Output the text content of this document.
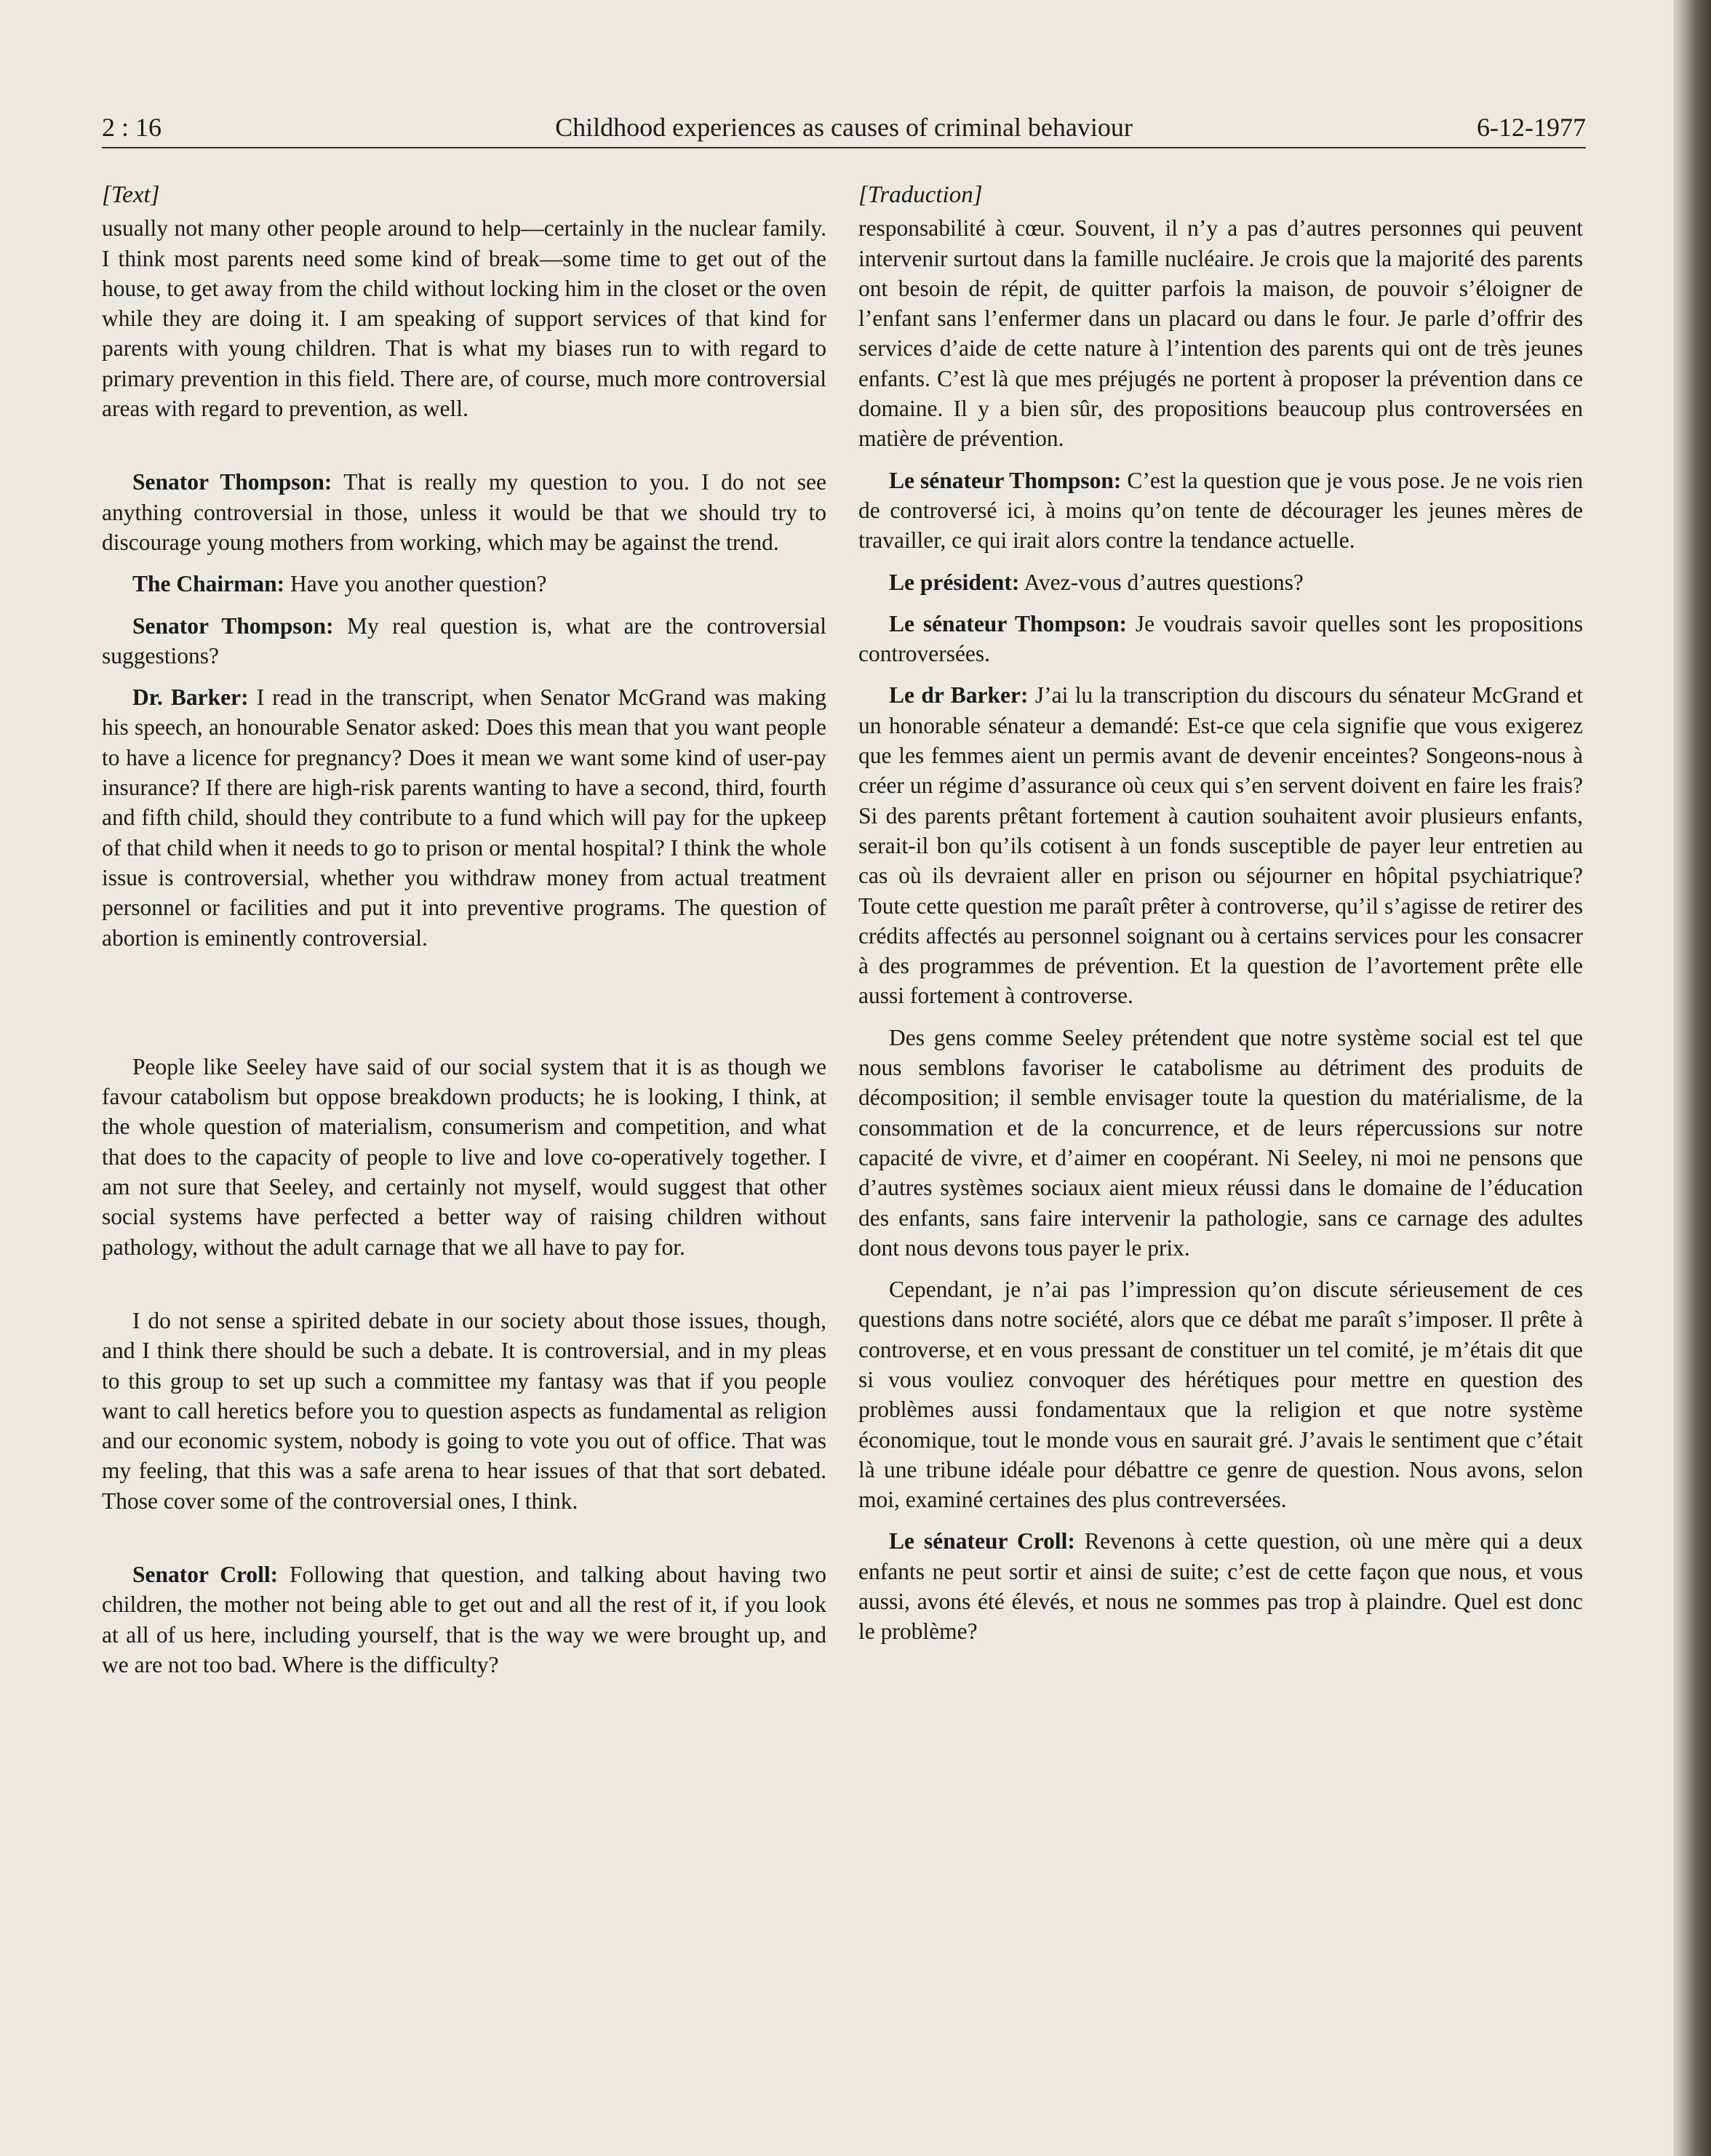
2 : 16	Childhood experiences as causes of criminal behaviour	6-12-1977
[Text]

usually not many other people around to help—certainly in the nuclear family. I think most parents need some kind of break—some time to get out of the house, to get away from the child without locking him in the closet or the oven while they are doing it. I am speaking of support services of that kind for parents with young children. That is what my biases run to with regard to primary prevention in this field. There are, of course, much more controversial areas with regard to prevention, as well.

Senator Thompson: That is really my question to you. I do not see anything controversial in those, unless it would be that we should try to discourage young mothers from working, which may be against the trend.

The Chairman: Have you another question?

Senator Thompson: My real question is, what are the controversial suggestions?

Dr. Barker: I read in the transcript, when Senator McGrand was making his speech, an honourable Senator asked: Does this mean that you want people to have a licence for pregnancy? Does it mean we want some kind of user-pay insurance? If there are high-risk parents wanting to have a second, third, fourth and fifth child, should they contribute to a fund which will pay for the upkeep of that child when it needs to go to prison or mental hospital? I think the whole issue is controversial, whether you withdraw money from actual treatment personnel or facilities and put it into preventive programs. The question of abortion is eminently controversial.

People like Seeley have said of our social system that it is as though we favour catabolism but oppose breakdown products; he is looking, I think, at the whole question of materialism, consumerism and competition, and what that does to the capacity of people to live and love co-operatively together. I am not sure that Seeley, and certainly not myself, would suggest that other social systems have perfected a better way of raising children without pathology, without the adult carnage that we all have to pay for.

I do not sense a spirited debate in our society about those issues, though, and I think there should be such a debate. It is controversial, and in my pleas to this group to set up such a committee my fantasy was that if you people want to call heretics before you to question aspects as fundamental as religion and our economic system, nobody is going to vote you out of office. That was my feeling, that this was a safe arena to hear issues of that that sort debated. Those cover some of the controversial ones, I think.

Senator Croll: Following that question, and talking about having two children, the mother not being able to get out and all the rest of it, if you look at all of us here, including yourself, that is the way we were brought up, and we are not too bad. Where is the difficulty?

[Traduction]

responsabilité à cœur. Souvent, il n’y a pas d’autres personnes qui peuvent intervenir surtout dans la famille nucléaire. Je crois que la majorité des parents ont besoin de répit, de quitter parfois la maison, de pouvoir s’éloigner de l’enfant sans l’enfermer dans un placard ou dans le four. Je parle d’offrir des services d’aide de cette nature à l’intention des parents qui ont de très jeunes enfants. C’est là que mes préjugés ne portent à proposer la prévention dans ce domaine. Il y a bien sûr, des propositions beaucoup plus controversées en matière de prévention.

Le sénateur Thompson: C’est la question que je vous pose. Je ne vois rien de controversé ici, à moins qu’on tente de décourager les jeunes mères de travailler, ce qui irait alors contre la tendance actuelle.

Le président: Avez-vous d’autres questions?

Le sénateur Thompson: Je voudrais savoir quelles sont les propositions controversées.

Le dr Barker: J’ai lu la transcription du discours du sénateur McGrand et un honorable sénateur a demandé: Est-ce que cela signifie que vous exigerez que les femmes aient un permis avant de devenir enceintes? Songeons-nous à créer un régime d’assurance où ceux qui s’en servent doivent en faire les frais? Si des parents prêtant fortement à caution souhaitent avoir plusieurs enfants, serait-il bon qu’ils cotisent à un fonds susceptible de payer leur entretien au cas où ils devraient aller en prison ou séjourner en hôpital psychiatrique? Toute cette question me paraît prêter à controverse, qu’il s’agisse de retirer des crédits affectés au personnel soignant ou à certains services pour les consacrer à des programmes de prévention. Et la question de l’avortement prête elle aussi fortement à controverse.

Des gens comme Seeley prétendent que notre système social est tel que nous semblons favoriser le catabolisme au détriment des produits de décomposition; il semble envisager toute la question du matérialisme, de la consommation et de la concurrence, et de leurs répercussions sur notre capacité de vivre, et d’aimer en coopérant. Ni Seeley, ni moi ne pensons que d’autres systèmes sociaux aient mieux réussi dans le domaine de l’éducation des enfants, sans faire intervenir la pathologie, sans ce carnage des adultes dont nous devons tous payer le prix.

Cependant, je n’ai pas l’impression qu’on discute sérieusement de ces questions dans notre société, alors que ce débat me paraît s’imposer. Il prête à controverse, et en vous pressant de constituer un tel comité, je m’étais dit que si vous vouliez convoquer des hérétiques pour mettre en question des problèmes aussi fondamentaux que la religion et que notre système économique, tout le monde vous en saurait gré. J’avais le sentiment que c’était là une tribune idéale pour débattre ce genre de question. Nous avons, selon moi, examiné certaines des plus contreversées.

Le sénateur Croll: Revenons à cette question, où une mère qui a deux enfants ne peut sortir et ainsi de suite; c’est de cette façon que nous, et vous aussi, avons été élevés, et nous ne sommes pas trop à plaindre. Quel est donc le problème?
